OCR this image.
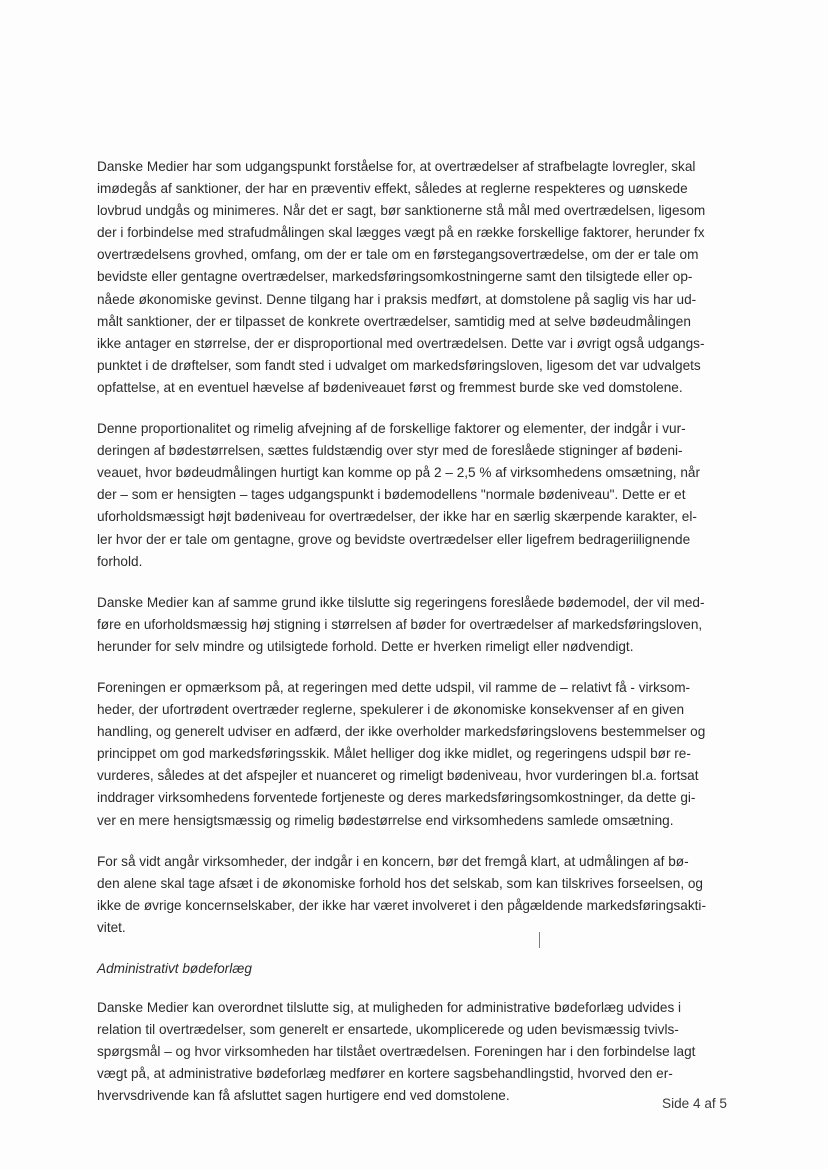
Danske Medier har som udgangspunkt forståelse for, at overtrædelser af strafbelagte lovregler, skal
imødegås af sanktioner, der har en præventiv effekt, således at reglerne respekteres og uønskede
lovbrud undgås og minimeres. Når det er sagt, bør sanktionerne stå mål med overtrædelsen, ligesom
der i forbindelse med strafudmålingen skal lægges vægt på en række forskellige faktorer, herunder fx
overtrædelsens grovhed, omfang, om der er tale om en førstegangsovertrædelse, om der er tale om
bevidste eller gentagne overtrædelser, markedsføringsomkostningerne samt den tilsigtede eller op-
nåede økonomiske gevinst. Denne tilgang har i praksis medført, at domstolene på saglig vis har ud-
målt sanktioner, der er tilpasset de konkrete overtrædelser, samtidig med at selve bødeudmålingen
ikke antager en størrelse, der er disproportional med overtrædelsen. Dette var i øvrigt også udgangs-
punktet i de drøftelser, som fandt sted i udvalget om markedsføringsloven, ligesom det var udvalgets
opfattelse, at en eventuel hævelse af bødeniveauet først og fremmest burde ske ved domstolene.
Denne proportionalitet og rimelig afvejning af de forskellige faktorer og elementer, der indgår i vur-
deringen af bødestørrelsen, sættes fuldstændig over styr med de foreslåede stigninger af bødeni-
veauet, hvor bødeudmålingen hurtigt kan komme op på 2 – 2,5 % af virksomhedens omsætning, når
der – som er hensigten – tages udgangspunkt i bødemodellens "normale bødeniveau". Dette er et
uforholdsmæssigt højt bødeniveau for overtrædelser, der ikke har en særlig skærpende karakter, el-
ler hvor der er tale om gentagne, grove og bevidste overtrædelser eller ligefrem bedrageriilignende
forhold.
Danske Medier kan af samme grund ikke tilslutte sig regeringens foreslåede bødemodel, der vil med-
føre en uforholdsmæssig høj stigning i størrelsen af bøder for overtrædelser af markedsføringsloven,
herunder for selv mindre og utilsigtede forhold. Dette er hverken rimeligt eller nødvendigt.
Foreningen er opmærksom på, at regeringen med dette udspil, vil ramme de – relativt få - virksom-
heder, der ufortrødent overtræder reglerne, spekulerer i de økonomiske konsekvenser af en given
handling, og generelt udviser en adfærd, der ikke overholder markedsføringslovens bestemmelser og
princippet om god markedsføringsskik. Målet helliger dog ikke midlet, og regeringens udspil bør re-
vurderes, således at det afspejler et nuanceret og rimeligt bødeniveau, hvor vurderingen bl.a. fortsat
inddrager virksomhedens forventede fortjeneste og deres markedsføringsomkostninger, da dette gi-
ver en mere hensigtsmæssig og rimelig bødestørrelse end virksomhedens samlede omsætning.
For så vidt angår virksomheder, der indgår i en koncern, bør det fremgå klart, at udmålingen af bø-
den alene skal tage afsæt i de økonomiske forhold hos det selskab, som kan tilskrives forseelsen, og
ikke de øvrige koncernselskaber, der ikke har været involveret i den pågældende markedsføringsakti-
vitet.
Administrativt bødeforlæg
Danske Medier kan overordnet tilslutte sig, at muligheden for administrative bødeforlæg udvides i
relation til overtrædelser, som generelt er ensartede, ukomplicerede og uden bevismæssig tvivls-
spørgsmål – og hvor virksomheden har tilstået overtrædelsen. Foreningen har i den forbindelse lagt
vægt på, at administrative bødeforlæg medfører en kortere sagsbehandlingstid, hvorved den er-
hvervsdrivende kan få afsluttet sagen hurtigere end ved domstolene.
Side 4 af 5
